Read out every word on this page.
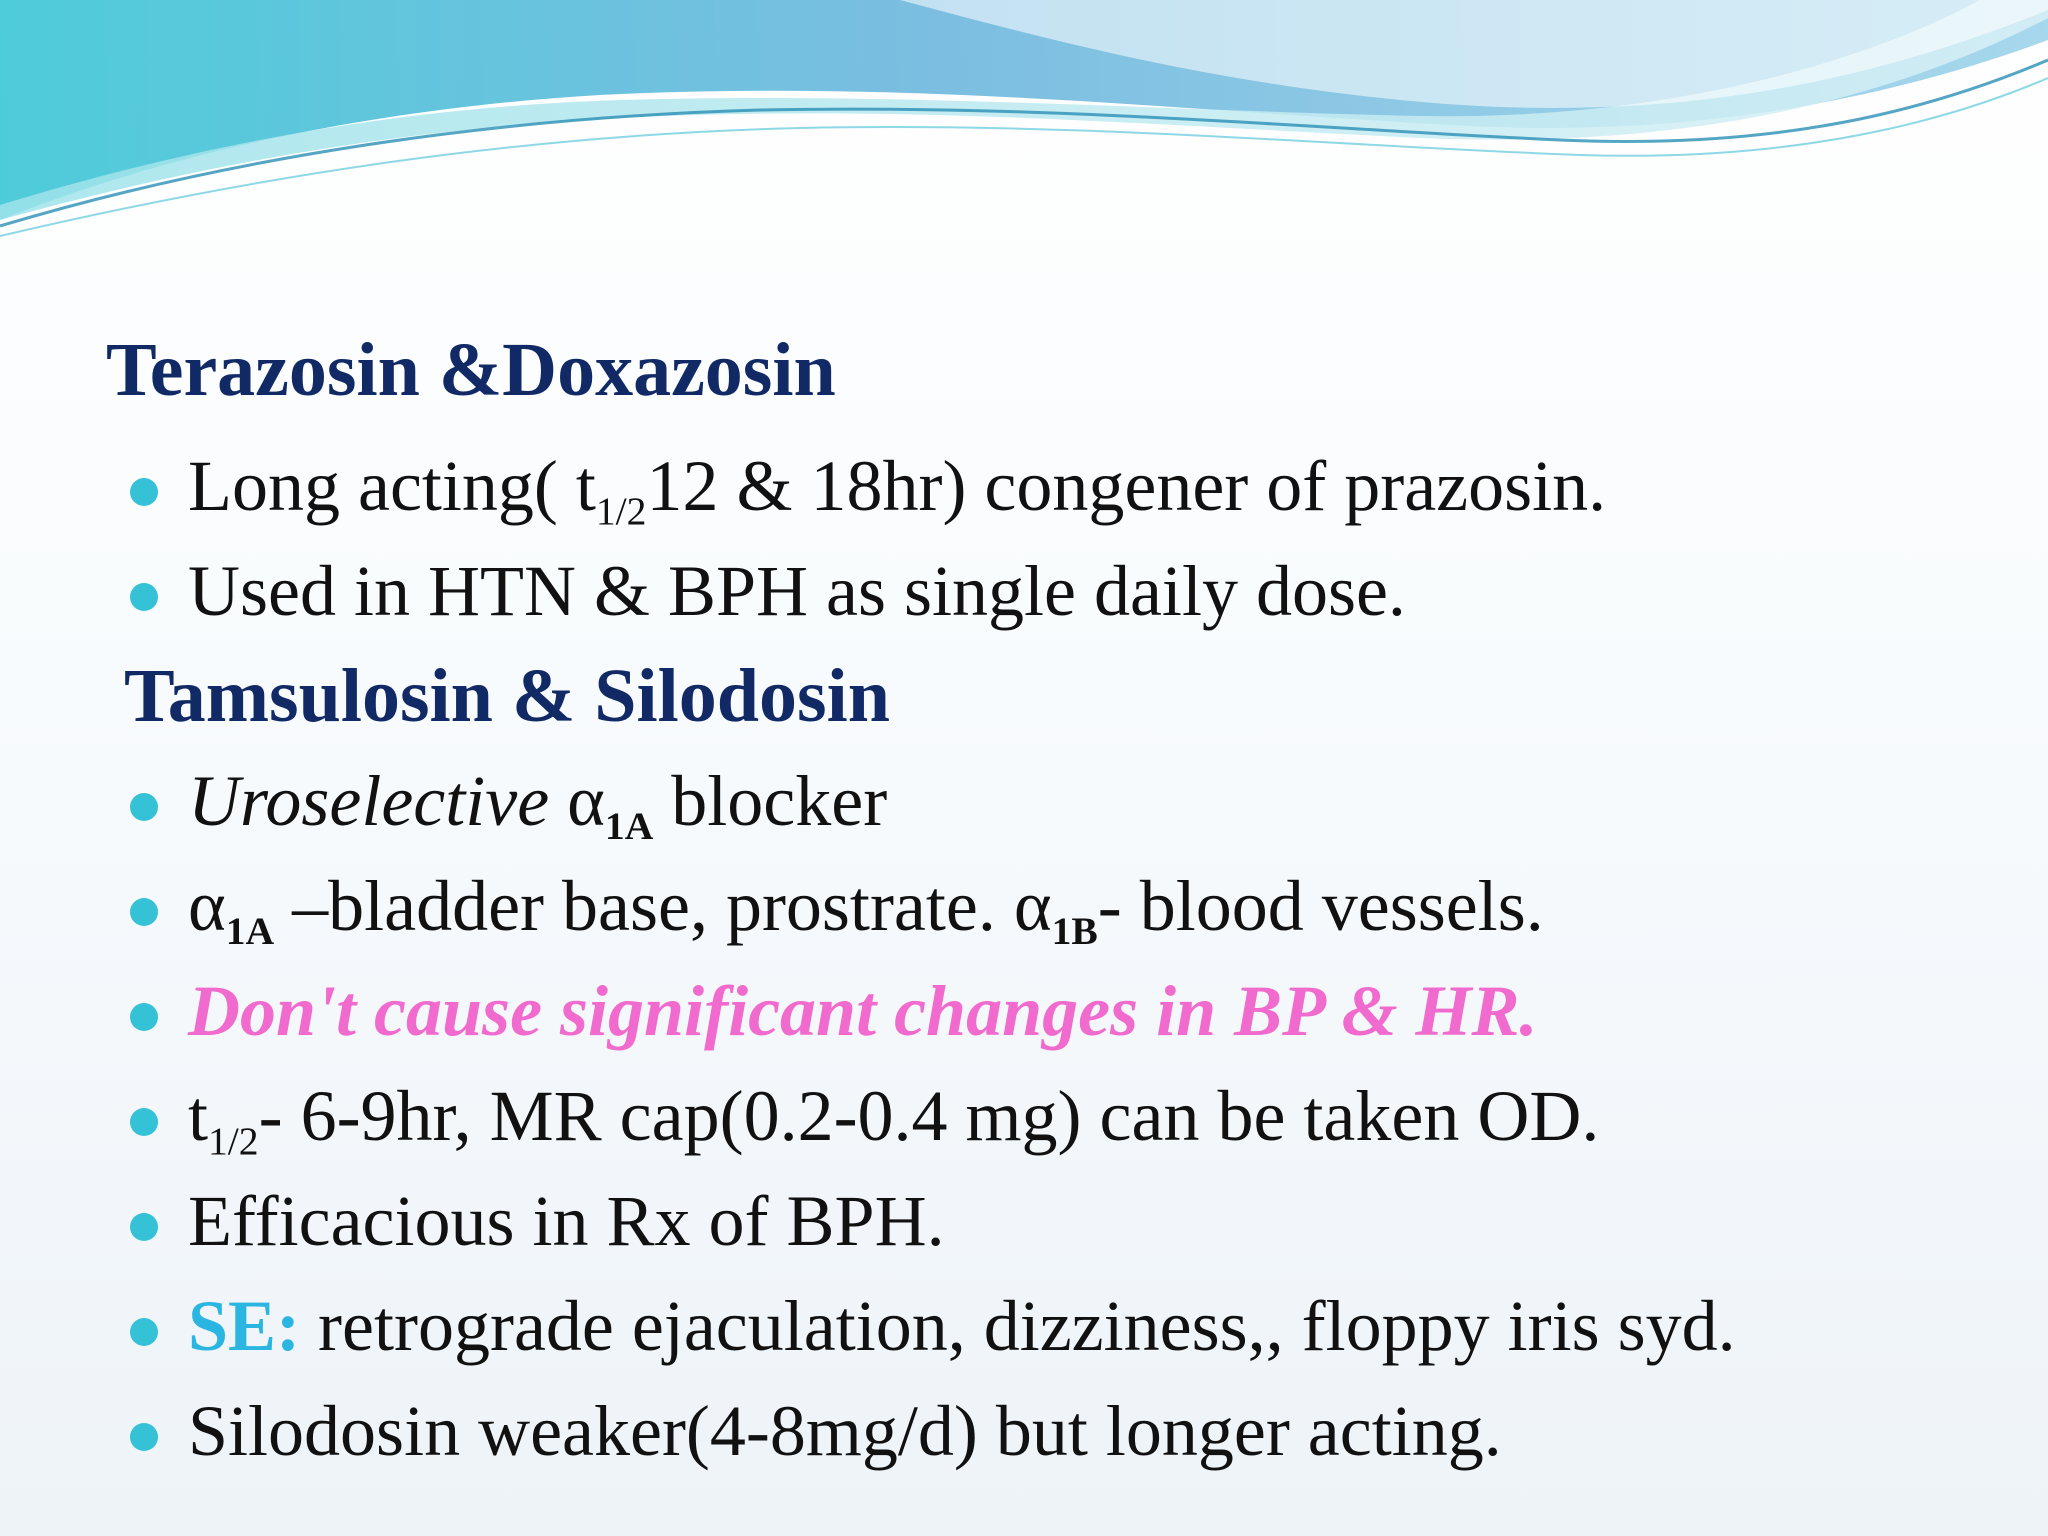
Terazosin &Doxazosin
Long acting( $t_{1/2}12$ & 18hr) congener of prazosin.
Used in HTN & BPH as single daily dose.
Tamsulosin & Silodosin
Uroselective $\alpha_{1A}$ blocker
$\alpha_{1A}$ –bladder base, prostrate. $\alpha_{1B}-$ blood vessels.
Don't cause significant changes in BP & HR.
$t_{1/2}-$ 6-9hr, MR cap(0.2-0.4 mg) can be taken OD.
Efficacious in Rx of BPH.
SE: retrograde ejaculation, dizziness,, floppy iris syd.
Silodosin weaker(4-8mg/d) but longer acting.
